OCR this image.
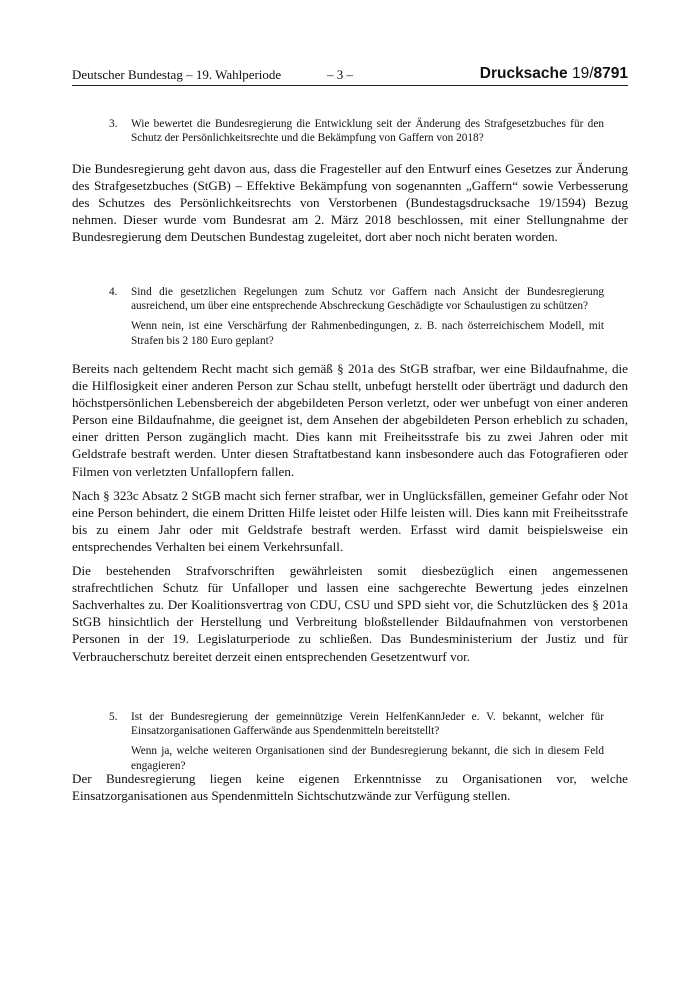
Deutscher Bundestag – 19. Wahlperiode	– 3 –	Drucksache 19/8791
3. Wie bewertet die Bundesregierung die Entwicklung seit der Änderung des Strafgesetzbuches für den Schutz der Persönlichkeitsrechte und die Bekämpfung von Gaffern von 2018?

Die Bundesregierung geht davon aus, dass die Fragesteller auf den Entwurf eines Gesetzes zur Änderung des Strafgesetzbuches (StGB) – Effektive Bekämpfung von sogenannten „Gaffern“ sowie Verbesserung des Schutzes des Persönlichkeitsrechts von Verstorbenen (Bundestagsdrucksache 19/1594) Bezug nehmen. Dieser wurde vom Bundesrat am 2. März 2018 beschlossen, mit einer Stellungnahme der Bundesregierung dem Deutschen Bundestag zugeleitet, dort aber noch nicht beraten worden.

4. Sind die gesetzlichen Regelungen zum Schutz vor Gaffern nach Ansicht der Bundesregierung ausreichend, um über eine entsprechende Abschreckung Geschädigte vor Schaulustigen zu schützen?
Wenn nein, ist eine Verschärfung der Rahmenbedingungen, z. B. nach österreichischem Modell, mit Strafen bis 2 180 Euro geplant?

Bereits nach geltendem Recht macht sich gemäß § 201a des StGB strafbar, wer eine Bildaufnahme, die die Hilflosigkeit einer anderen Person zur Schau stellt, unbefugt herstellt oder überträgt und dadurch den höchstpersönlichen Lebensbereich der abgebildeten Person verletzt, oder wer unbefugt von einer anderen Person eine Bildaufnahme, die geeignet ist, dem Ansehen der abgebildeten Person erheblich zu schaden, einer dritten Person zugänglich macht. Dies kann mit Freiheitsstrafe bis zu zwei Jahren oder mit Geldstrafe bestraft werden. Unter diesen Straftatbestand kann insbesondere auch das Fotografieren oder Filmen von verletzten Unfallopfern fallen.

Nach § 323c Absatz 2 StGB macht sich ferner strafbar, wer in Unglücksfällen, gemeiner Gefahr oder Not eine Person behindert, die einem Dritten Hilfe leistet oder Hilfe leisten will. Dies kann mit Freiheitsstrafe bis zu einem Jahr oder mit Geldstrafe bestraft werden. Erfasst wird damit beispielsweise ein entsprechendes Verhalten bei einem Verkehrsunfall.

Die bestehenden Strafvorschriften gewährleisten somit diesbezüglich einen angemessenen strafrechtlichen Schutz für Unfalloper und lassen eine sachgerechte Bewertung jedes einzelnen Sachverhaltes zu. Der Koalitionsvertrag von CDU, CSU und SPD sieht vor, die Schutzlücken des § 201a StGB hinsichtlich der Herstellung und Verbreitung bloßstellender Bildaufnahmen von verstorbenen Personen in der 19. Legislaturperiode zu schließen. Das Bundesministerium der Justiz und für Verbraucherschutz bereitet derzeit einen entsprechenden Gesetzentwurf vor.

5. Ist der Bundesregierung der gemeinnützige Verein HelfenKannJeder e. V. bekannt, welcher für Einsatzorganisationen Gafferwände aus Spendenmitteln bereitstellt?
Wenn ja, welche weiteren Organisationen sind der Bundesregierung bekannt, die sich in diesem Feld engagieren?

Der Bundesregierung liegen keine eigenen Erkenntnisse zu Organisationen vor, welche Einsatzorganisationen aus Spendenmitteln Sichtschutzwände zur Verfügung stellen.
